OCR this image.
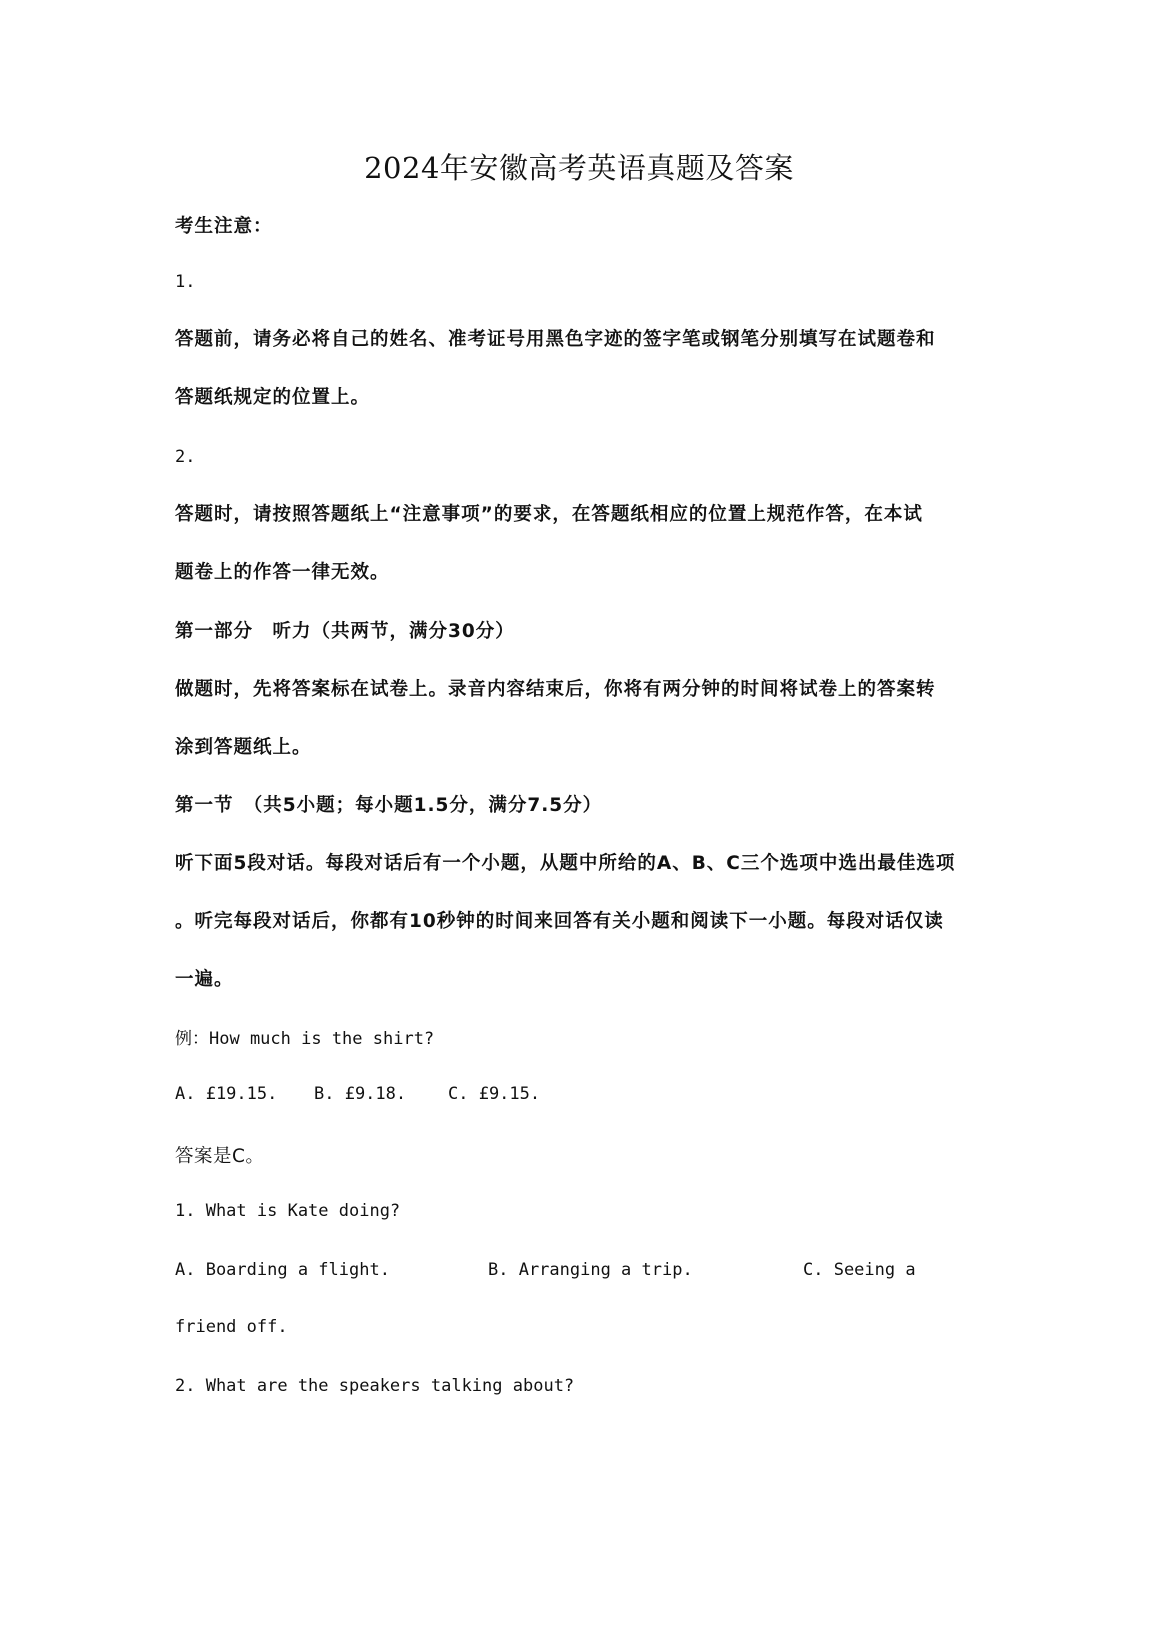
2024年安徽高考英语真题及答案
考生注意：
1.
答题前，请务必将自己的姓名、准考证号用黑色字迹的签字笔或钢笔分别填写在试题卷和
答题纸规定的位置上。
2.
答题时，请按照答题纸上“注意事项”的要求，在答题纸相应的位置上规范作答，在本试
题卷上的作答一律无效。
第一部分　听力（共两节，满分30分）
做题时，先将答案标在试卷上。录音内容结束后，你将有两分钟的时间将试卷上的答案转
涂到答题纸上。
第一节　（共5小题；每小题1.5分，满分7.5分）
听下面5段对话。每段对话后有一个小题，从题中所给的A、B、C三个选项中选出最佳选项
。听完每段对话后，你都有10秒钟的时间来回答有关小题和阅读下一小题。每段对话仅读
一遍。
例：How much is the shirt?
A. £19.15. B. £9.18. C. £9.15.
答案是C。
1. What is Kate doing?
A. Boarding a flight.	B. Arranging a trip.	C. Seeing a
friend off.
2. What are the speakers talking about?
